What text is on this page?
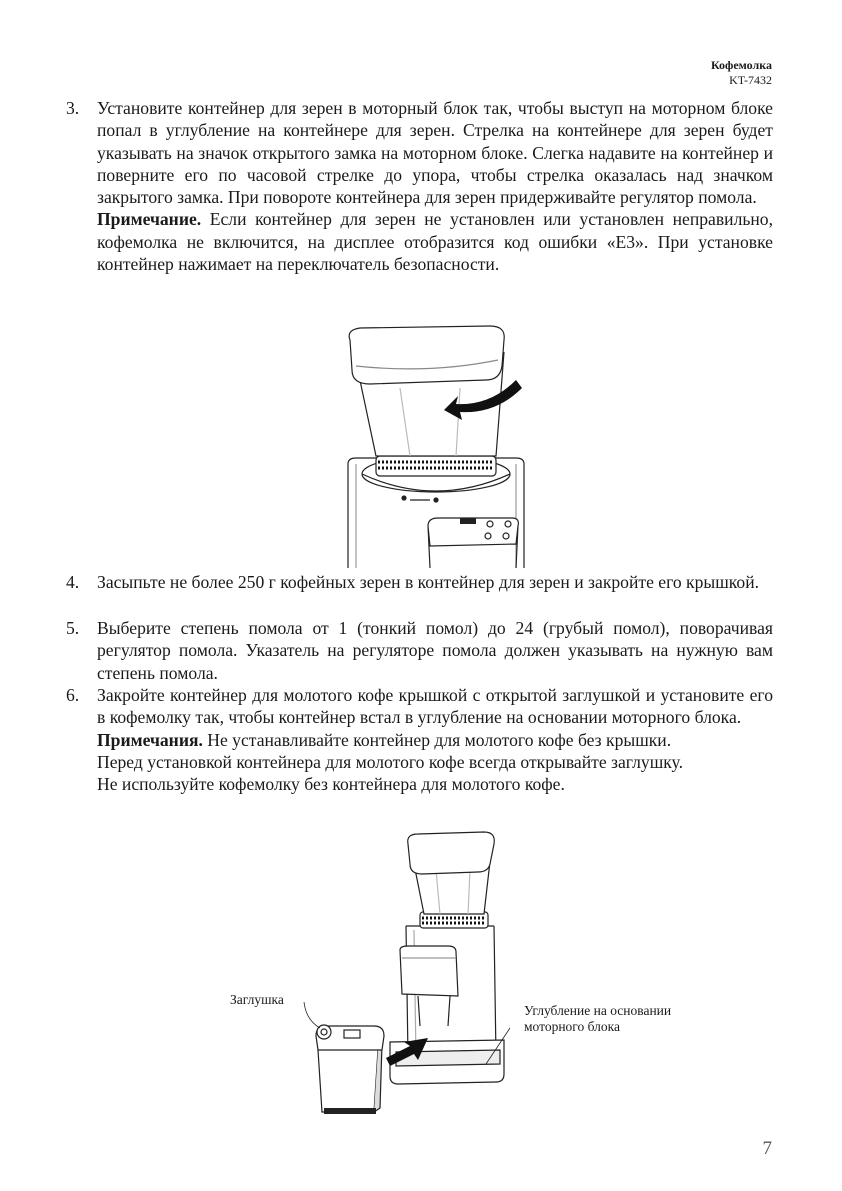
Кофемолка
KT-7432
3. Установите контейнер для зерен в моторный блок так, чтобы выступ на моторном блоке попал в углубление на контейнере для зерен. Стрелка на контейнере для зерен будет указывать на значок открытого замка на моторном блоке. Слегка надавите на контейнер и поверните его по часовой стрелке до упора, чтобы стрелка оказалась над значком закрытого замка. При повороте контейнера для зерен придерживайте регулятор помола.
Примечание. Если контейнер для зерен не установлен или установлен неправильно, кофемолка не включится, на дисплее отобразится код ошибки «E3». При установке контейнер нажимает на переключатель безопасности.
4. Засыпьте не более 250 г кофейных зерен в контейнер для зерен и закройте его крышкой.
5. Выберите степень помола от 1 (тонкий помол) до 24 (грубый помол), поворачивая регулятор помола. Указатель на регуляторе помола должен указывать на нужную вам степень помола.
6. Закройте контейнер для молотого кофе крышкой с открытой заглушкой и установите его в кофемолку так, чтобы контейнер встал в углубление на основании моторного блока.
Примечания. Не устанавливайте контейнер для молотого кофе без крышки.
Перед установкой контейнера для молотого кофе всегда открывайте заглушку.
Не используйте кофемолку без контейнера для молотого кофе.
Заглушка
Углубление на основании
моторного блока
7
